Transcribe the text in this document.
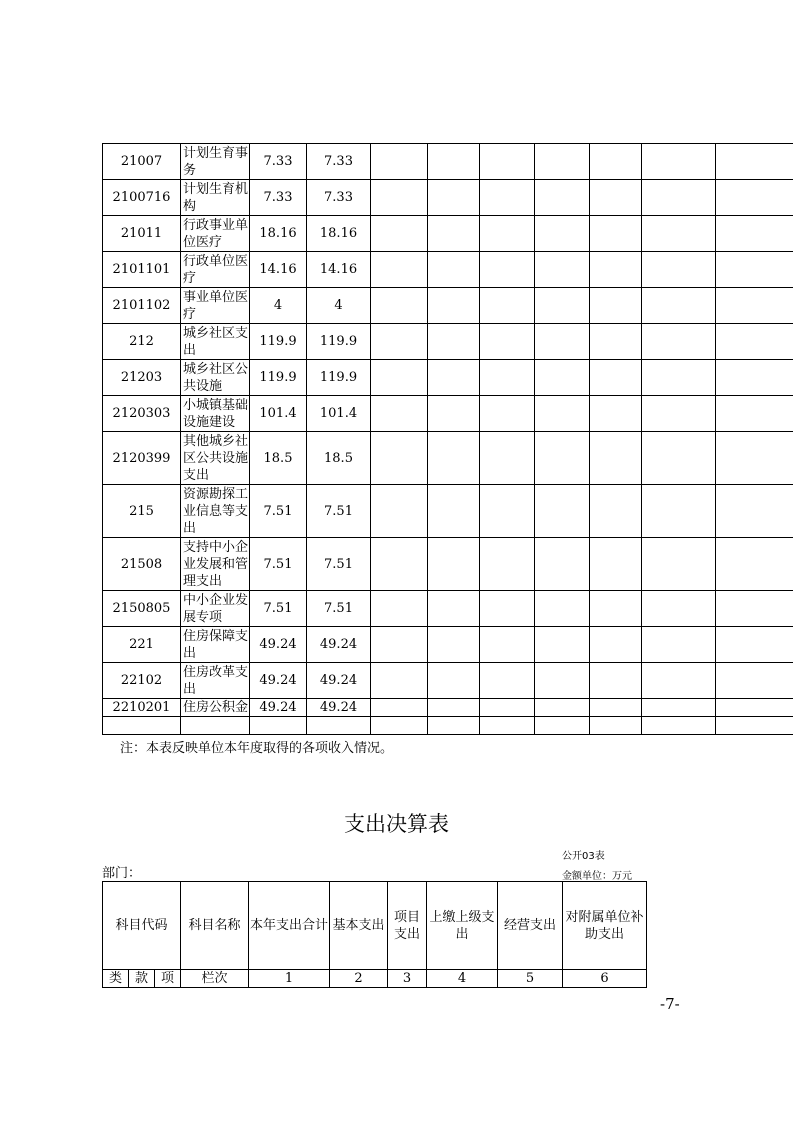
21007	计划生育事务	7.33	7.33							
2100716	计划生育机构	7.33	7.33							
21011	行政事业单位医疗	18.16	18.16							
2101101	行政单位医疗	14.16	14.16							
2101102	事业单位医疗	4	4							
212	城乡社区支出	119.9	119.9							
21203	城乡社区公共设施	119.9	119.9							
2120303	小城镇基础设施建设	101.4	101.4							
2120399	其他城乡社区公共设施支出	18.5	18.5							
215	资源勘探工业信息等支出	7.51	7.51							
21508	支持中小企业发展和管理支出	7.51	7.51							
2150805	中小企业发展专项	7.51	7.51							
221	住房保障支出	49.24	49.24							
22102	住房改革支出	49.24	49.24							
2210201	住房公积金	49.24	49.24							

注：本表反映单位本年度取得的各项收入情况。
支出决算表
公开03表
部门：	金额单位：万元
科目代码			科目名称	本年支出合计	基本支出	项目支出	上缴上级支出	经营支出	对附属单位补助支出
类	款	项	栏次	1	2	3	4	5	6
-7-
